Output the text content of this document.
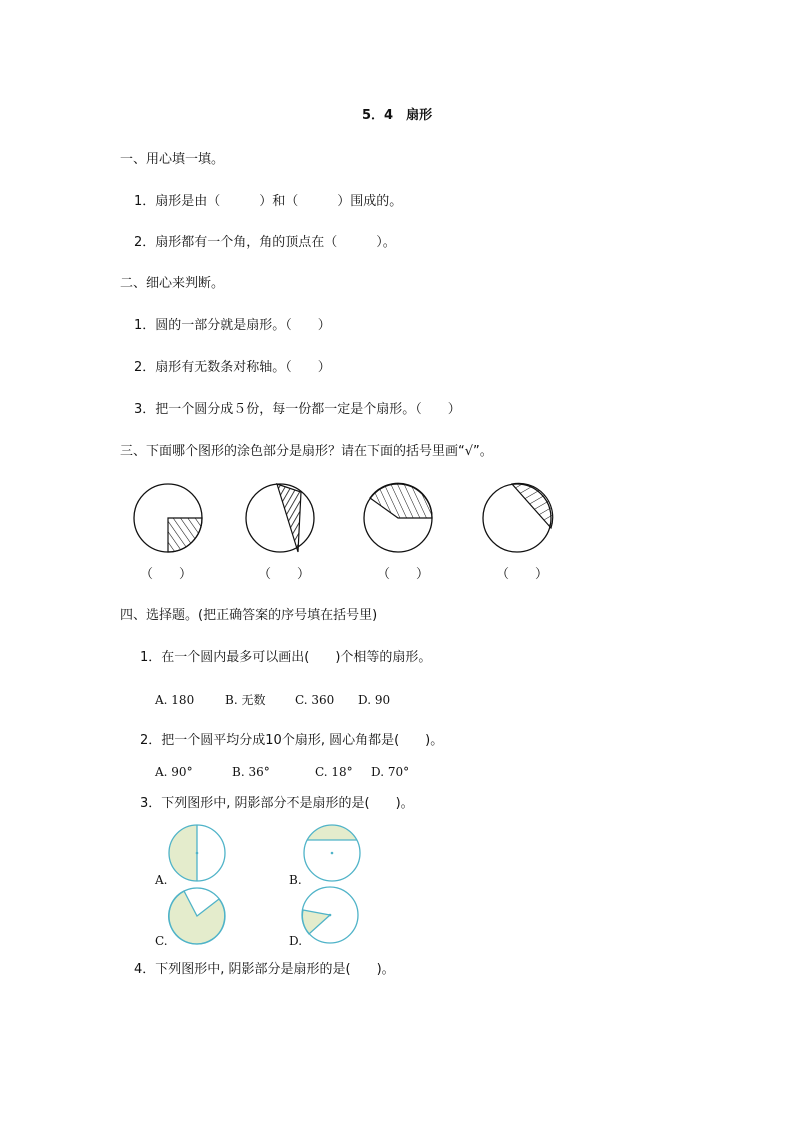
5．4　扇形
一、用心填一填。
1．扇形是由（　　　）和（　　　）围成的。
2．扇形都有一个角，角的顶点在（　　　）。
二、细心来判断。
1．圆的一部分就是扇形。（　　）
2．扇形有无数条对称轴。（　　）
3．把一个圆分成５份，每一份都一定是个扇形。（　　）
三、下面哪个图形的涂色部分是扇形？请在下面的括号里画“√”。
（　　）	（　　）	（　　）	（　　）
四、选择题。(把正确答案的序号填在括号里)
1．在一个圆内最多可以画出(　　)个相等的扇形。
A. 180	B. 无数 C. 360 D. 90
2．把一个圆平均分成10个扇形, 圆心角都是(　　)。
A. 90°	B. 36°	C. 18° D. 70°
3．下列图形中, 阴影部分不是扇形的是(　　)。
A.	B.
C.	D.
4．下列图形中, 阴影部分是扇形的是(　　)。
